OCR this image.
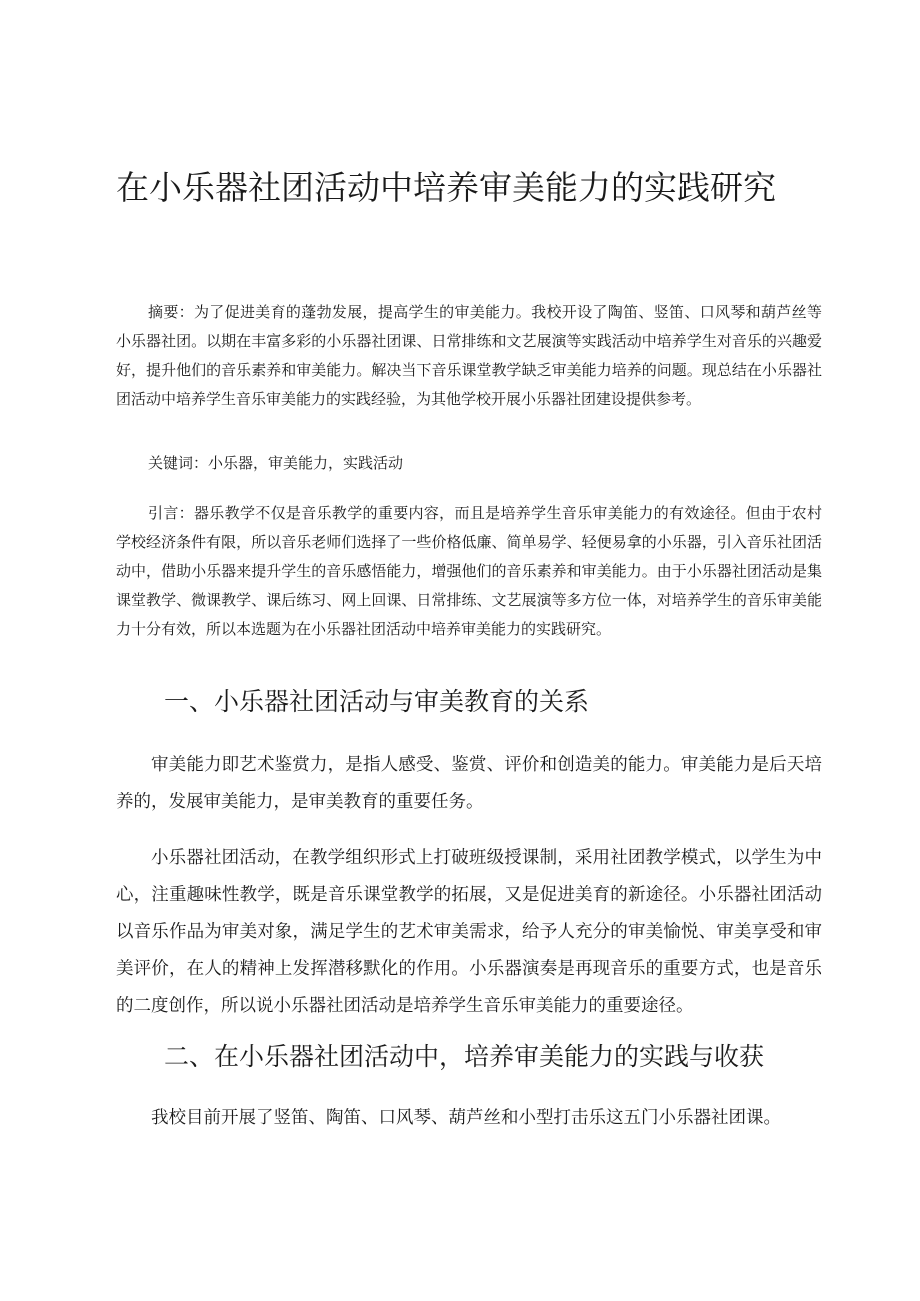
在小乐器社团活动中培养审美能力的实践研究

摘要：为了促进美育的蓬勃发展，提高学生的审美能力。我校开设了陶笛、竖笛、口风琴和葫芦丝等小乐器社团。以期在丰富多彩的小乐器社团课、日常排练和文艺展演等实践活动中培养学生对音乐的兴趣爱好，提升他们的音乐素养和审美能力。解决当下音乐课堂教学缺乏审美能力培养的问题。现总结在小乐器社团活动中培养学生音乐审美能力的实践经验，为其他学校开展小乐器社团建设提供参考。

关键词：小乐器，审美能力，实践活动

引言：器乐教学不仅是音乐教学的重要内容，而且是培养学生音乐审美能力的有效途径。但由于农村学校经济条件有限，所以音乐老师们选择了一些价格低廉、简单易学、轻便易拿的小乐器，引入音乐社团活动中，借助小乐器来提升学生的音乐感悟能力，增强他们的音乐素养和审美能力。由于小乐器社团活动是集课堂教学、微课教学、课后练习、网上回课、日常排练、文艺展演等多方位一体，对培养学生的音乐审美能力十分有效，所以本选题为在小乐器社团活动中培养审美能力的实践研究。

一、小乐器社团活动与审美教育的关系

审美能力即艺术鉴赏力，是指人感受、鉴赏、评价和创造美的能力。审美能力是后天培养的，发展审美能力，是审美教育的重要任务。

小乐器社团活动，在教学组织形式上打破班级授课制，采用社团教学模式，以学生为中心，注重趣味性教学，既是音乐课堂教学的拓展，又是促进美育的新途径。小乐器社团活动以音乐作品为审美对象，满足学生的艺术审美需求，给予人充分的审美愉悦、审美享受和审美评价，在人的精神上发挥潜移默化的作用。小乐器演奏是再现音乐的重要方式，也是音乐的二度创作，所以说小乐器社团活动是培养学生音乐审美能力的重要途径。

二、在小乐器社团活动中，培养审美能力的实践与收获

我校目前开展了竖笛、陶笛、口风琴、葫芦丝和小型打击乐这五门小乐器社团课。
